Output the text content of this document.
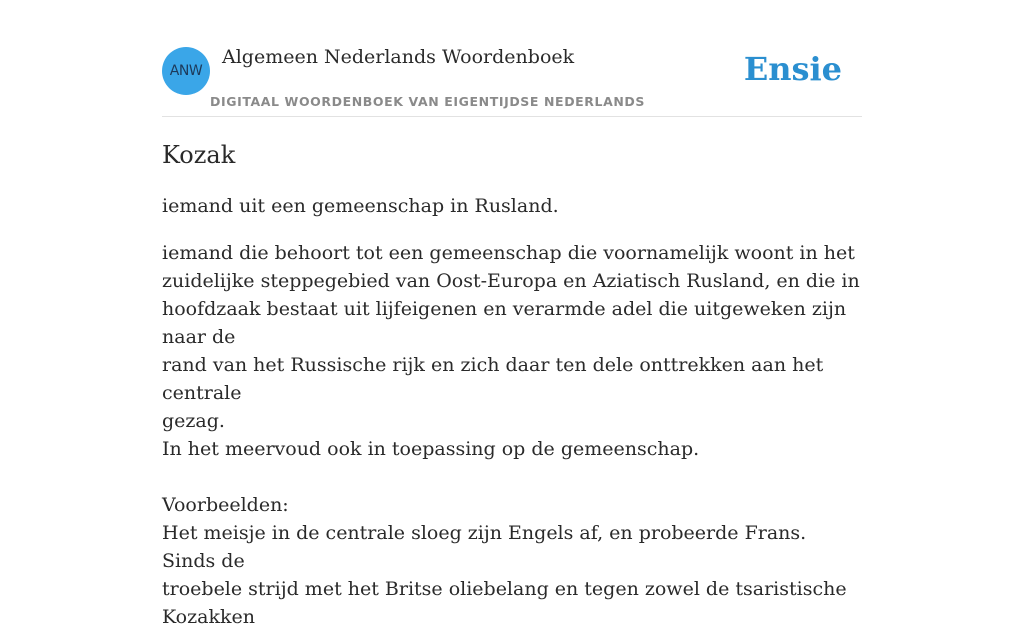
ANW
Algemeen Nederlands Woordenboek
DIGITAAL WOORDENBOEK VAN EIGENTIJDSE NEDERLANDS
Ensie
Kozak

iemand uit een gemeenschap in Rusland.

iemand die behoort tot een gemeenschap die voornamelijk woont in het
zuidelijke steppegebied van Oost-Europa en Aziatisch Rusland, en die in
hoofdzaak bestaat uit lijfeigenen en verarmde adel die uitgeweken zijn naar de
rand van het Russische rijk en zich daar ten dele onttrekken aan het centrale
gezag.
In het meervoud ook in toepassing op de gemeenschap.

Voorbeelden:
Het meisje in de centrale sloeg zijn Engels af, en probeerde Frans. Sinds de
troebele strijd met het Britse oliebelang en tegen zowel de tsaristische Kozakken
